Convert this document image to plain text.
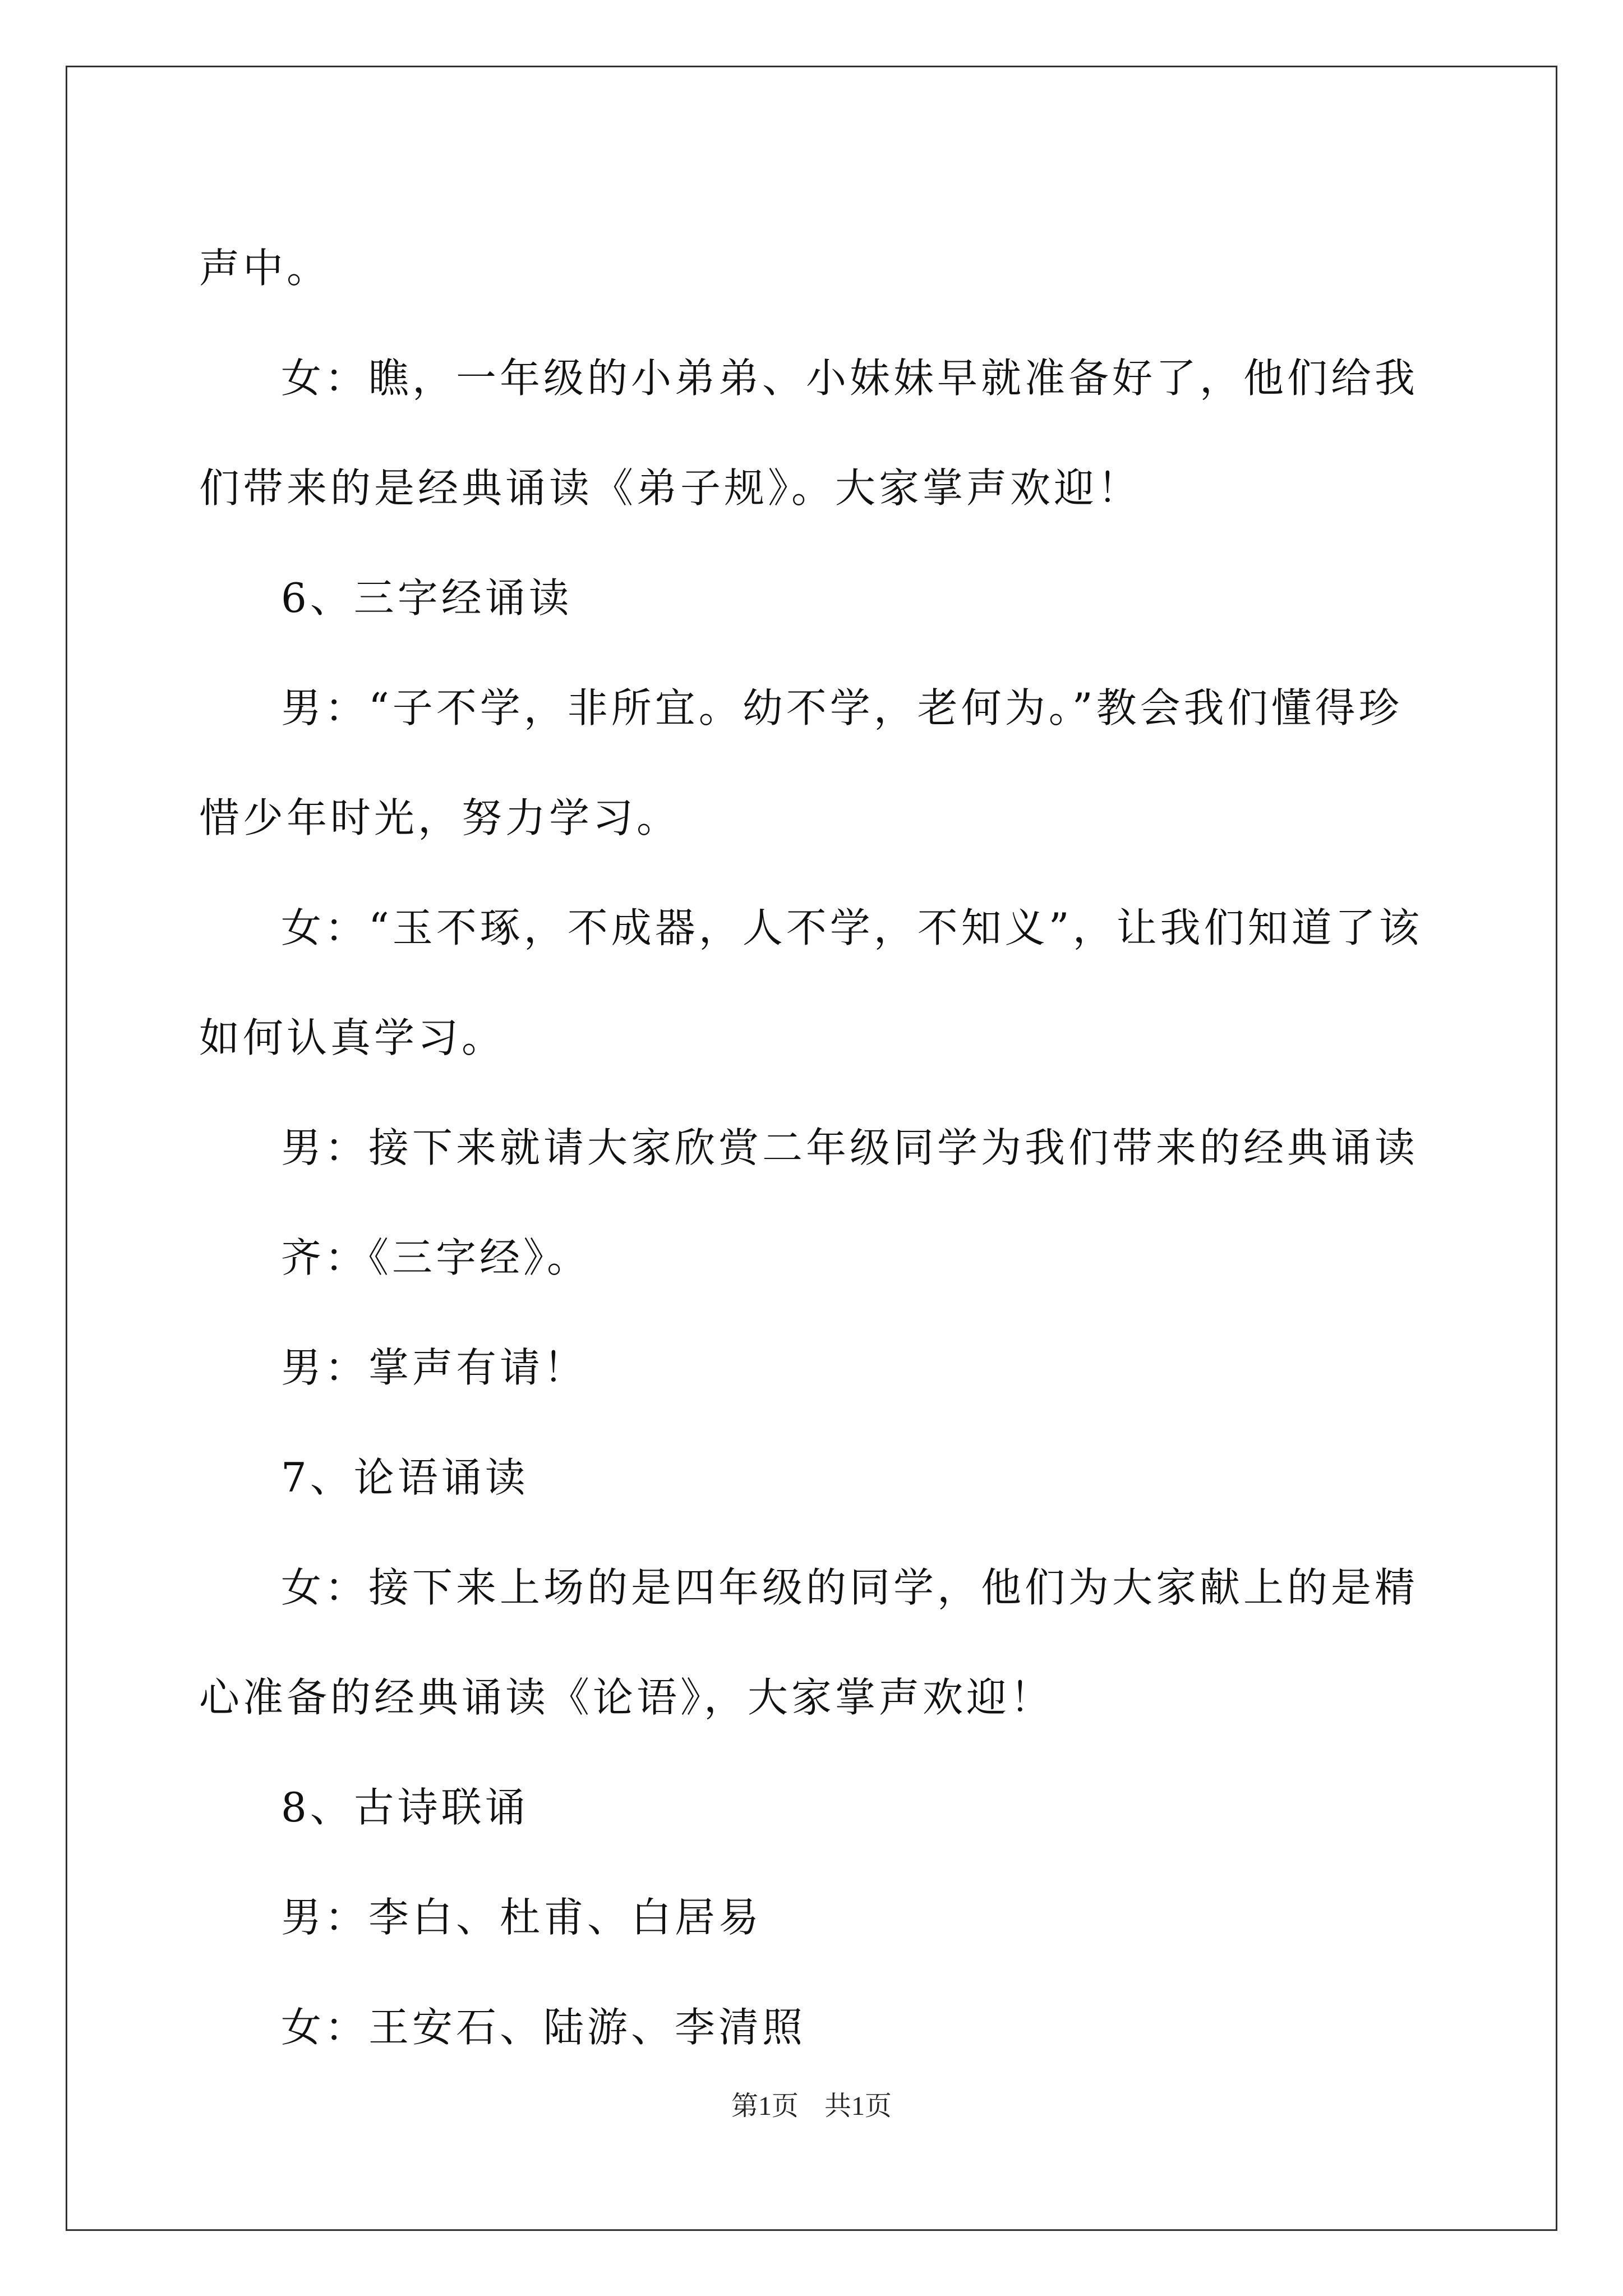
声中。

女：瞧，一年级的小弟弟、小妹妹早就准备好了，他们给我们带来的是经典诵读《弟子规》。大家掌声欢迎！

6、三字经诵读

男：“子不学，非所宜。幼不学，老何为。”教会我们懂得珍惜少年时光，努力学习。

女：“玉不琢，不成器，人不学，不知义”，让我们知道了该如何认真学习。

男：接下来就请大家欣赏二年级同学为我们带来的经典诵读

齐：《三字经》。

男：掌声有请！

7、论语诵读

女：接下来上场的是四年级的同学，他们为大家献上的是精心准备的经典诵读《论语》，大家掌声欢迎！

8、古诗联诵

男：李白、杜甫、白居易

女：王安石、陆游、李清照

第1页 共1页
